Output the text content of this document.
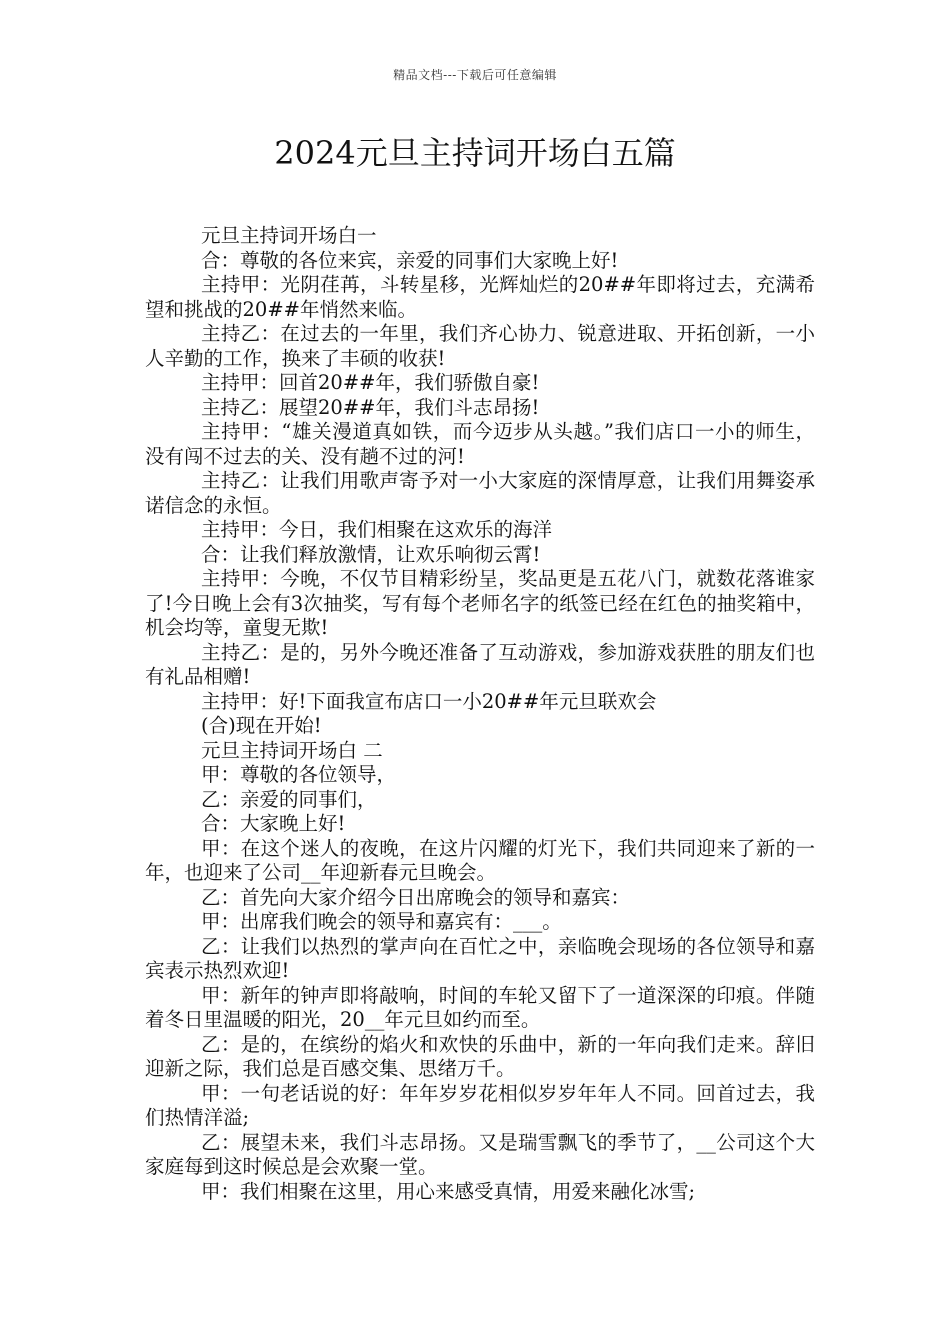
精品文档---下载后可任意编辑
2024元旦主持词开场白五篇

元旦主持词开场白一

合：尊敬的各位来宾，亲爱的同事们大家晚上好!

主持甲：光阴荏苒，斗转星移，光辉灿烂的20##年即将过去，充满希望和挑战的20##年悄然来临。

主持乙：在过去的一年里，我们齐心协力、锐意进取、开拓创新，一小人辛勤的工作，换来了丰硕的收获!

主持甲：回首20##年，我们骄傲自豪!

主持乙：展望20##年，我们斗志昂扬!

主持甲：“雄关漫道真如铁，而今迈步从头越。”我们店口一小的师生，没有闯不过去的关、没有趟不过的河!

主持乙：让我们用歌声寄予对一小大家庭的深情厚意，让我们用舞姿承诺信念的永恒。

主持甲：今日，我们相聚在这欢乐的海洋

合：让我们释放激情，让欢乐响彻云霄!

主持甲：今晚，不仅节目精彩纷呈，奖品更是五花八门，就数花落谁家了!今日晚上会有3次抽奖，写有每个老师名字的纸签已经在红色的抽奖箱中，机会均等，童叟无欺!

主持乙：是的，另外今晚还准备了互动游戏，参加游戏获胜的朋友们也有礼品相赠!

主持甲：好!下面我宣布店口一小20##年元旦联欢会

(合)现在开始!

元旦主持词开场白 二

甲：尊敬的各位领导，

乙：亲爱的同事们，

合：大家晚上好!

甲：在这个迷人的夜晚，在这片闪耀的灯光下，我们共同迎来了新的一年，也迎来了公司__年迎新春元旦晚会。

乙：首先向大家介绍今日出席晚会的领导和嘉宾：

甲：出席我们晚会的领导和嘉宾有：___。

乙：让我们以热烈的掌声向在百忙之中，亲临晚会现场的各位领导和嘉宾表示热烈欢迎!

甲：新年的钟声即将敲响，时间的车轮又留下了一道深深的印痕。伴随着冬日里温暖的阳光，20__年元旦如约而至。

乙：是的，在缤纷的焰火和欢快的乐曲中，新的一年向我们走来。辞旧迎新之际，我们总是百感交集、思绪万千。

甲：一句老话说的好：年年岁岁花相似岁岁年年人不同。回首过去，我们热情洋溢;

乙：展望未来，我们斗志昂扬。又是瑞雪飘飞的季节了，__公司这个大家庭每到这时候总是会欢聚一堂。

甲：我们相聚在这里，用心来感受真情，用爱来融化冰雪;
